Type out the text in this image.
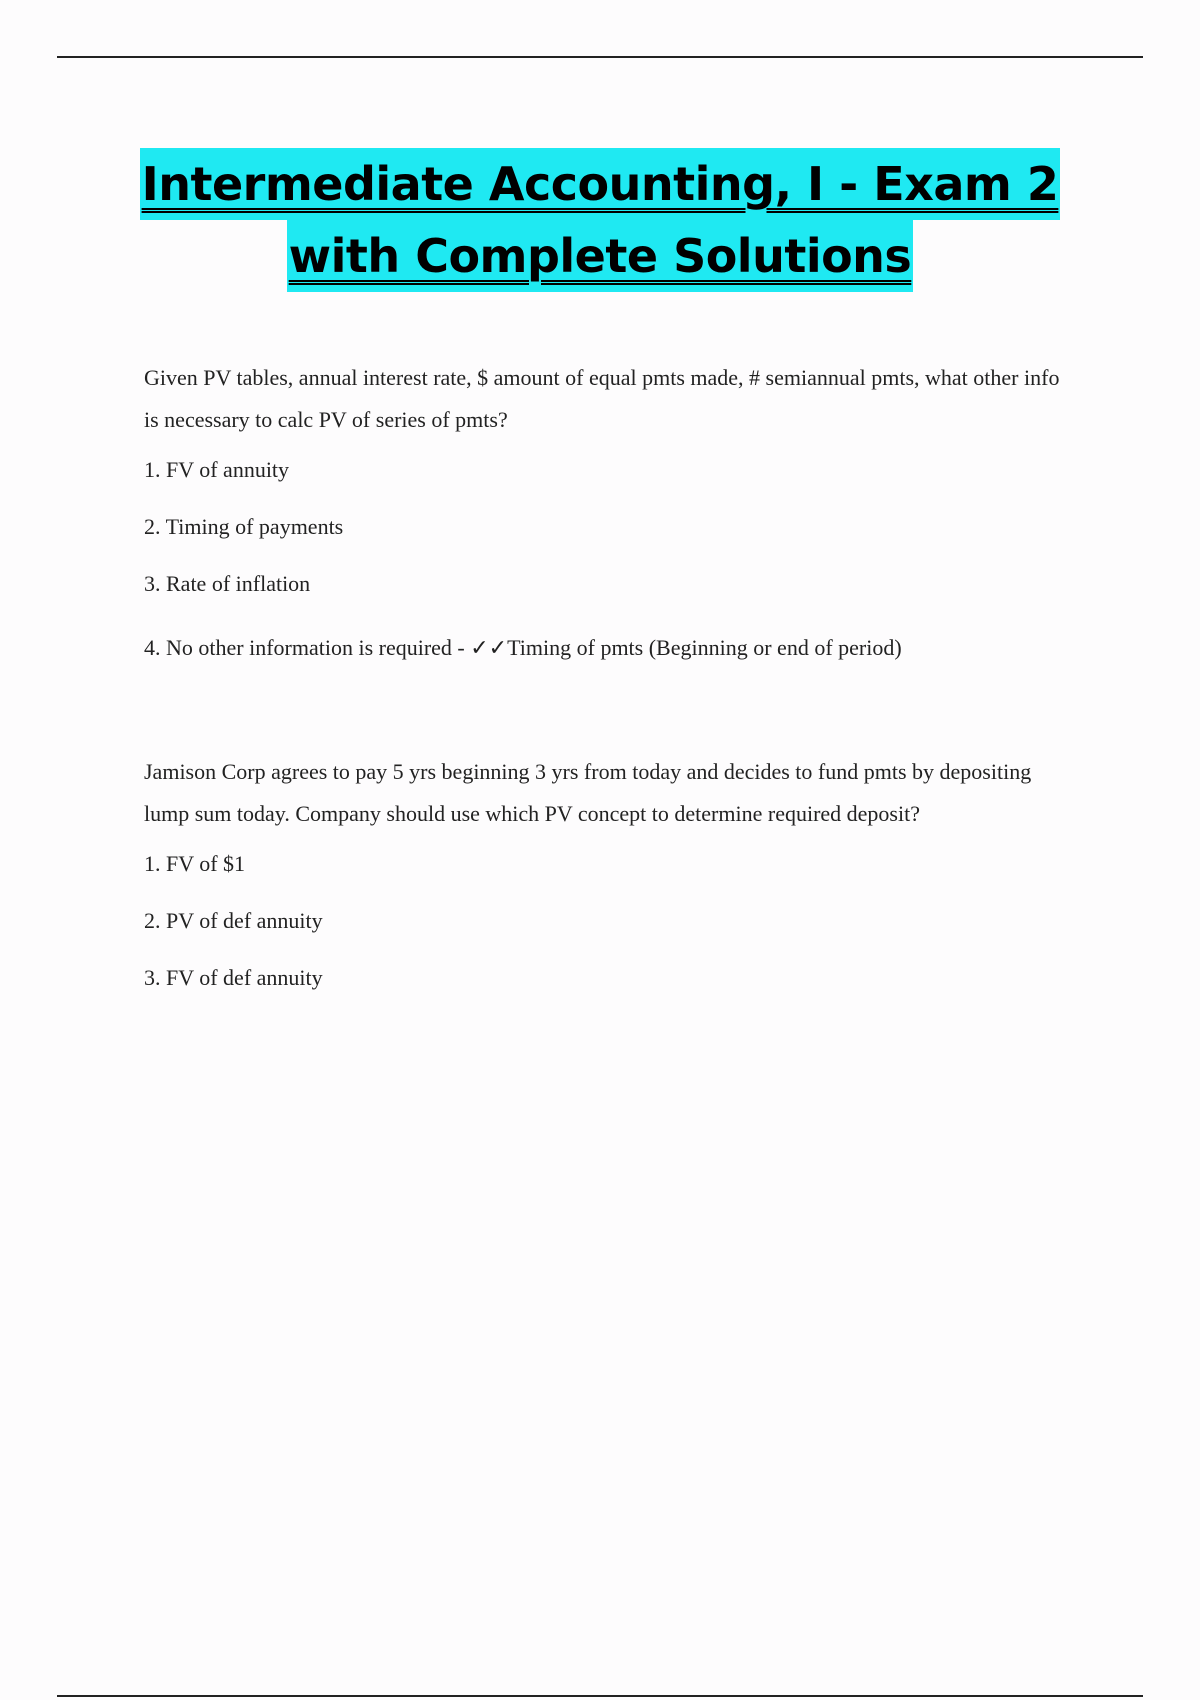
Intermediate Accounting, I - Exam 2
with Complete Solutions

Given PV tables, annual interest rate, $ amount of equal pmts made, # semiannual pmts, what other info is necessary to calc PV of series of pmts?

1. FV of annuity

2. Timing of payments

3. Rate of inflation

4. No other information is required - ✓✓Timing of pmts (Beginning or end of period)

Jamison Corp agrees to pay 5 yrs beginning 3 yrs from today and decides to fund pmts by depositing lump sum today. Company should use which PV concept to determine required deposit?

1. FV of $1

2. PV of def annuity

3. FV of def annuity
